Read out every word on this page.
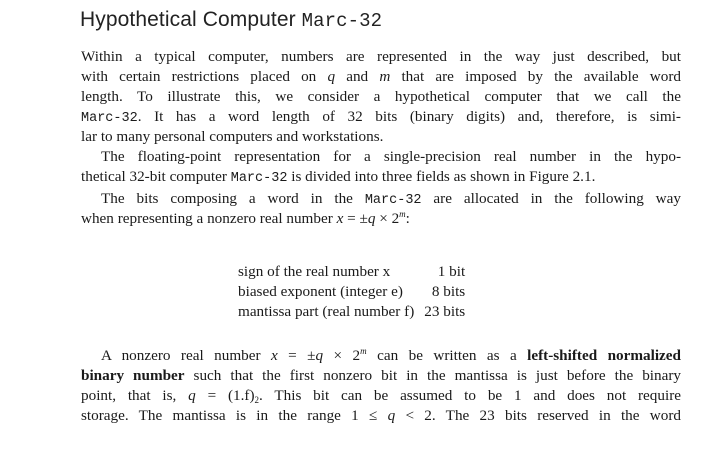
Hypothetical Computer Marc-32
Within a typical computer, numbers are represented in the way just described, but
with certain restrictions placed on q and m that are imposed by the available word
length. To illustrate this, we consider a hypothetical computer that we call the
Marc-32. It has a word length of 32 bits (binary digits) and, therefore, is simi-
lar to many personal computers and workstations.
The floating-point representation for a single-precision real number in the hypo-
thetical 32-bit computer Marc-32 is divided into three fields as shown in Figure 2.1.
The bits composing a word in the Marc-32 are allocated in the following way
when representing a nonzero real number $x = \pm q \times 2^m$:
sign of the real number x	1 bit
biased exponent (integer e)	8 bits
mantissa part (real number f)	23 bits
A nonzero real number $x = \pm q \times 2^m$ can be written as a left-shifted normalized
binary number such that the first nonzero bit in the mantissa is just before the binary
point, that is, $q = (1.f)_2$. This bit can be assumed to be 1 and does not require
storage. The mantissa is in the range 1 ≤ q < 2. The 23 bits reserved in the word
